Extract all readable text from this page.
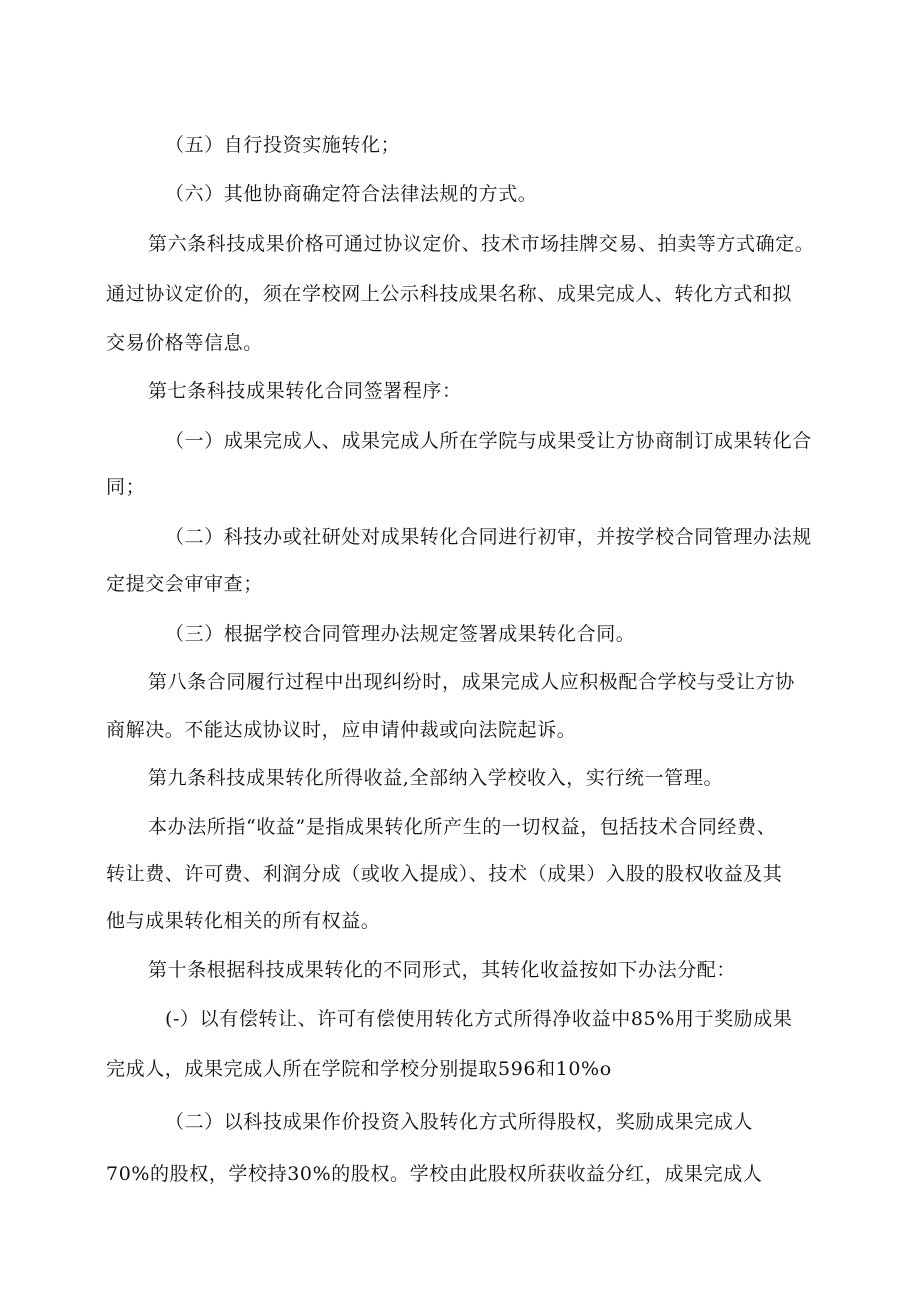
（五）自行投资实施转化；
（六）其他协商确定符合法律法规的方式。
第六条科技成果价格可通过协议定价、技术市场挂牌交易、拍卖等方式确定。
通过协议定价的，须在学校网上公示科技成果名称、成果完成人、转化方式和拟
交易价格等信息。
第七条科技成果转化合同签署程序：
（一）成果完成人、成果完成人所在学院与成果受让方协商制订成果转化合
同；
（二）科技办或社研处对成果转化合同进行初审，并按学校合同管理办法规
定提交会审审查；
（三）根据学校合同管理办法规定签署成果转化合同。
第八条合同履行过程中出现纠纷时，成果完成人应积极配合学校与受让方协
商解决。不能达成协议时，应申请仲裁或向法院起诉。
第九条科技成果转化所得收益,全部纳入学校收入，实行统一管理。
本办法所指“收益”是指成果转化所产生的一切权益，包括技术合同经费、
转让费、许可费、利润分成（或收入提成）、技术（成果）入股的股权收益及其
他与成果转化相关的所有权益。
第十条根据科技成果转化的不同形式，其转化收益按如下办法分配：
(-）以有偿转让、许可有偿使用转化方式所得净收益中85%用于奖励成果
完成人，成果完成人所在学院和学校分别提取596和10%o
（二）以科技成果作价投资入股转化方式所得股权，奖励成果完成人
70%的股权，学校持30%的股权。学校由此股权所获收益分红，成果完成人
